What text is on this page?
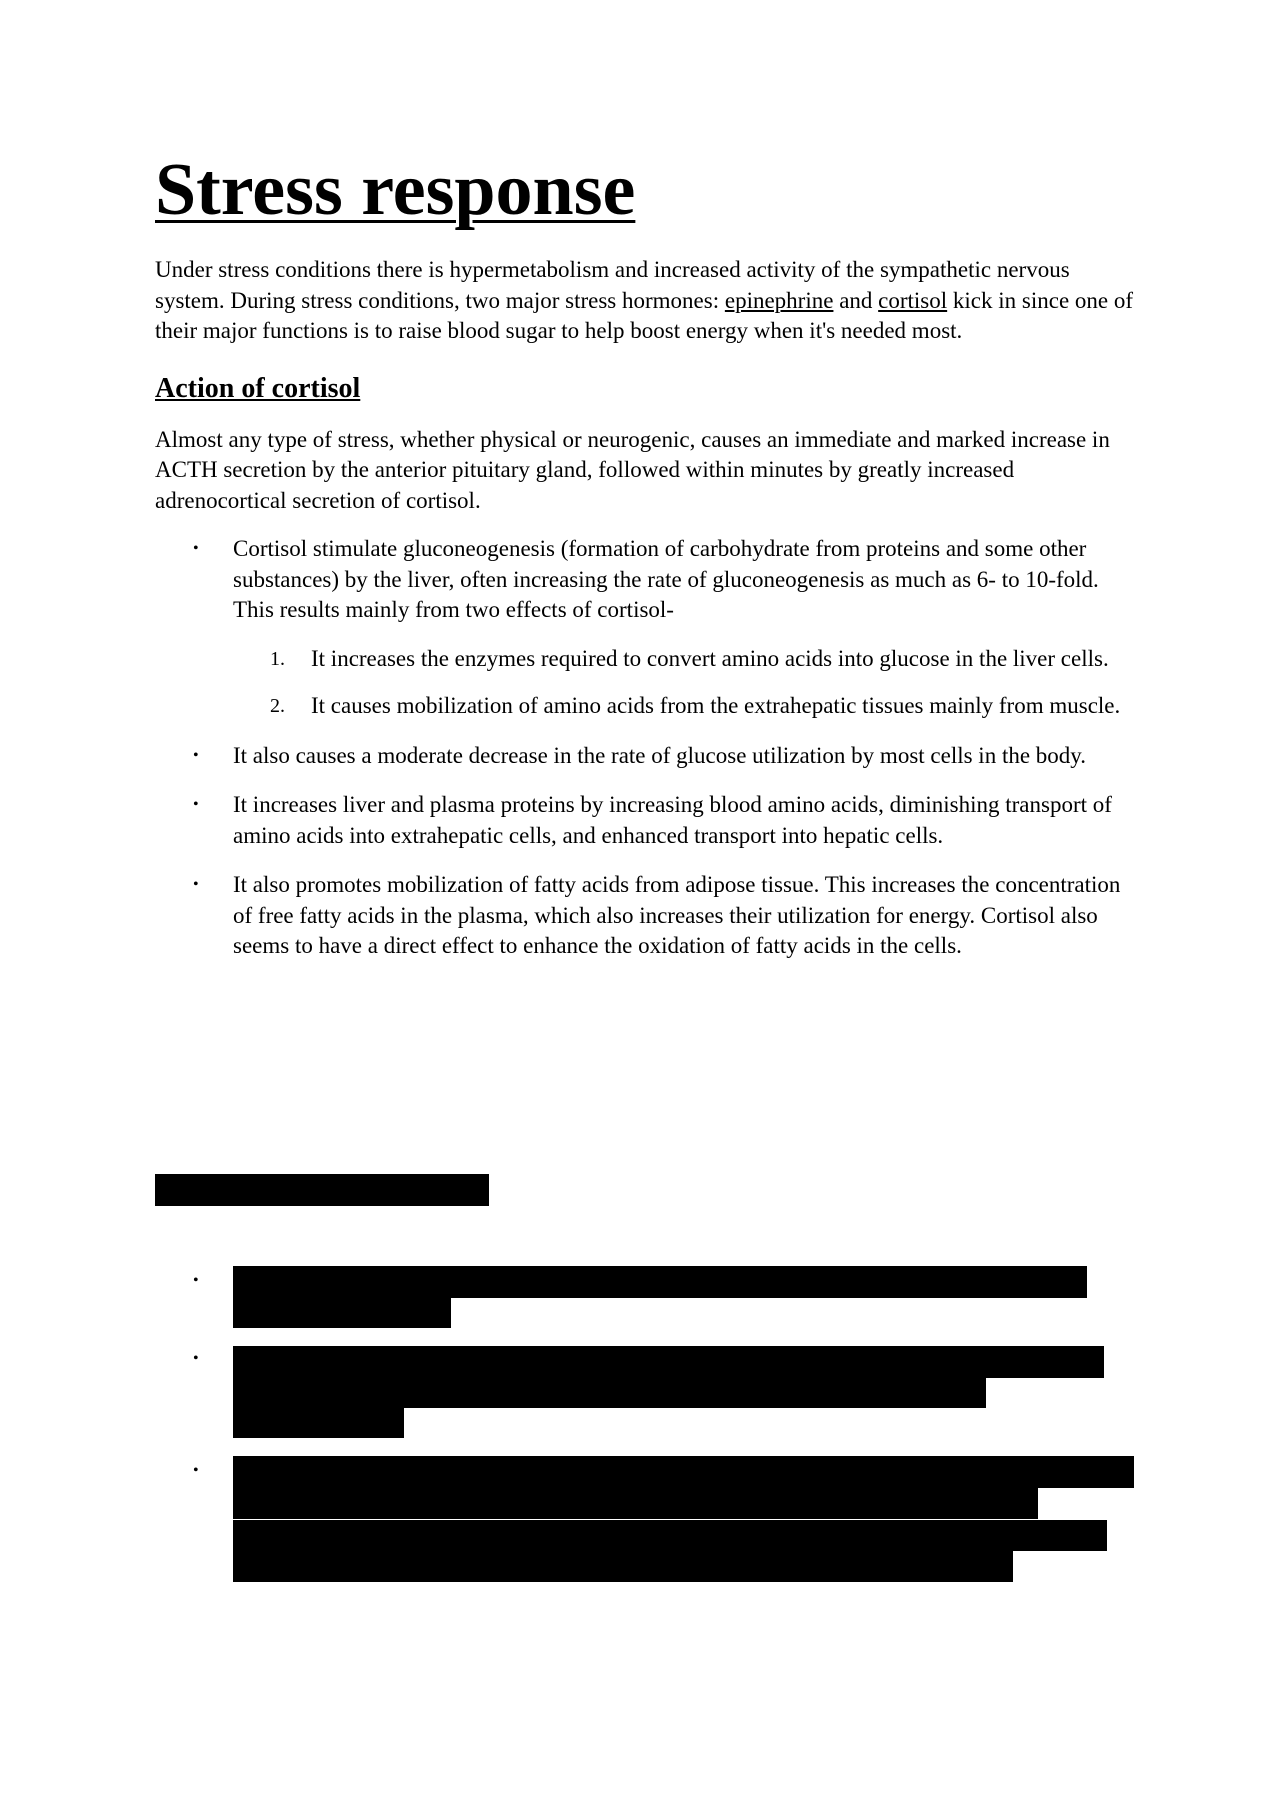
Stress response

Under stress conditions there is hypermetabolism and increased activity of the sympathetic nervous system. During stress conditions, two major stress hormones: epinephrine and cortisol kick in since one of their major functions is to raise blood sugar to help boost energy when it's needed most.

Action of cortisol

Almost any type of stress, whether physical or neurogenic, causes an immediate and marked increase in ACTH secretion by the anterior pituitary gland, followed within minutes by greatly increased adrenocortical secretion of cortisol.

• Cortisol stimulate gluconeogenesis (formation of carbohydrate from proteins and some other substances) by the liver, often increasing the rate of gluconeogenesis as much as 6- to 10-fold. This results mainly from two effects of cortisol-
1. It increases the enzymes required to convert amino acids into glucose in the liver cells.
2. It causes mobilization of amino acids from the extrahepatic tissues mainly from muscle.
• It also causes a moderate decrease in the rate of glucose utilization by most cells in the body.
• It increases liver and plasma proteins by increasing blood amino acids, diminishing transport of amino acids into extrahepatic cells, and enhanced transport into hepatic cells.
• It also promotes mobilization of fatty acids from adipose tissue. This increases the concentration of free fatty acids in the plasma, which also increases their utilization for energy. Cortisol also seems to have a direct effect to enhance the oxidation of fatty acids in the cells.
•
•
•
